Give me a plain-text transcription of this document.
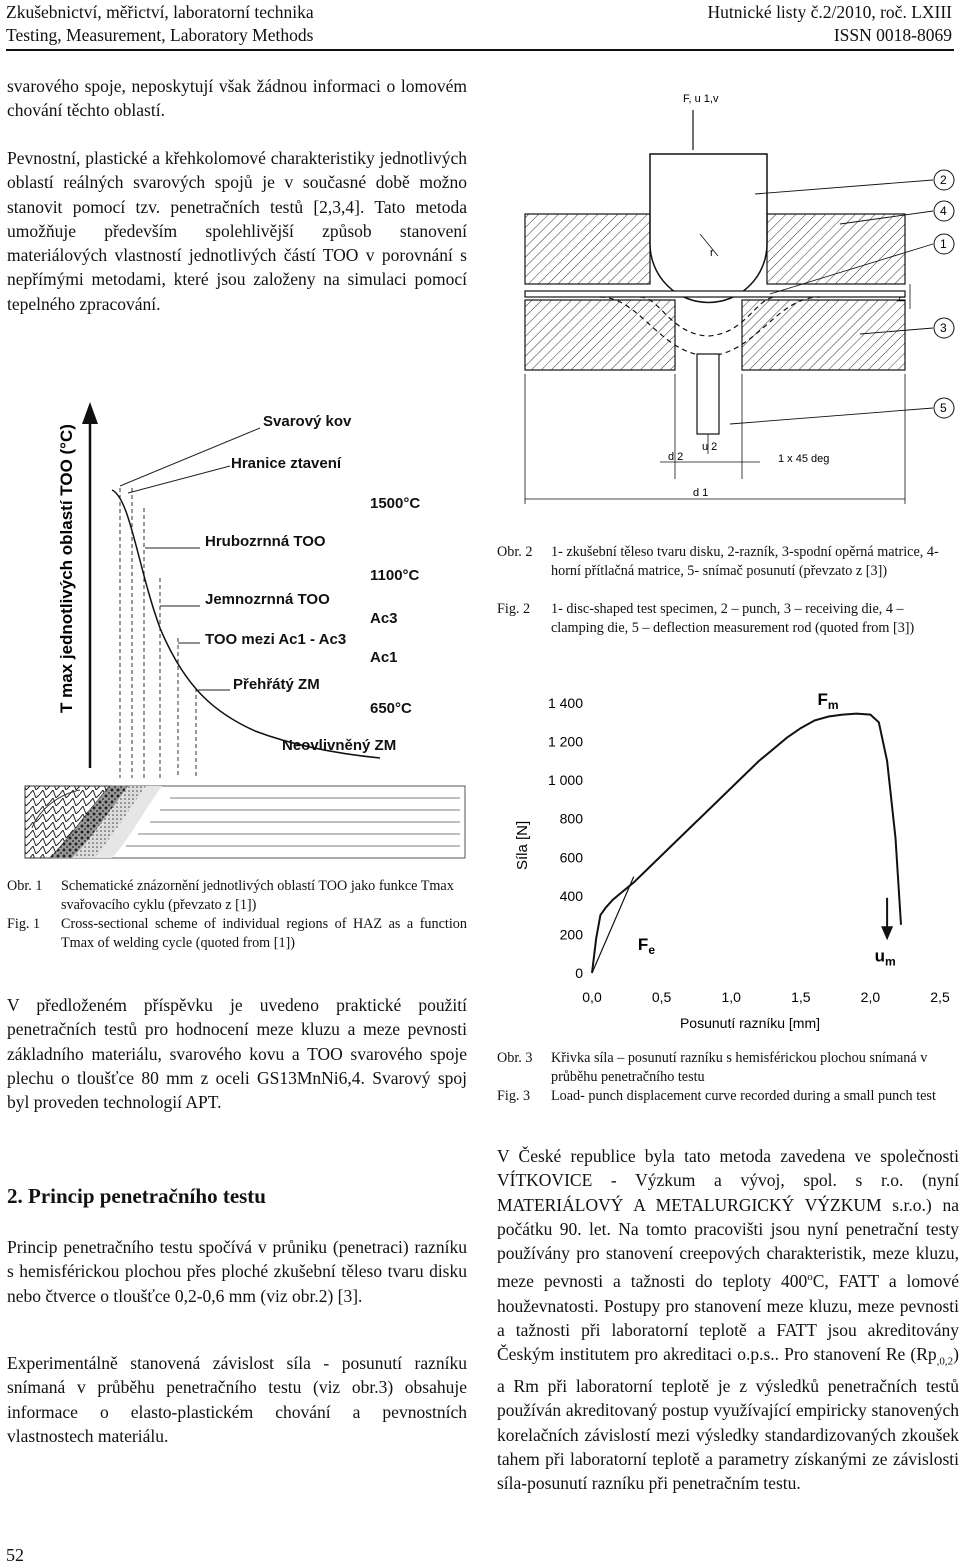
Zkušebnictví, měřictví, laboratorní technika
Testing, Measurement, Laboratory Methods
Hutnické listy č.2/2010, roč. LXIII
ISSN 0018-8069
svarového spoje, neposkytují však žádnou informaci o lomovém chování těchto oblastí.
Pevnostní, plastické a křehkolomové charakteristiky jednotlivých oblastí reálných svarových spojů je v současné době možno stanovit pomocí tzv. penetračních testů [2,3,4]. Tato metoda umožňuje především spolehlivější způsob stanovení materiálových vlastností jednotlivých částí TOO v porovnání s nepřímými metodami, které jsou založeny na simulaci pomocí tepelného zpracování.
T max jednotlivých oblastí TOO (°C)
Svarový kov
Hranice ztavení
Hrubozrnná TOO
Jemnozrnná TOO
TOO mezi Ac1 - Ac3
Přehřátý ZM
Neovlivněný ZM
1500°C
1100°C
Ac3
Ac1
650°C
Obr. 1 Schematické znázornění jednotlivých oblastí TOO jako funkce Tmax svařovacího cyklu (převzato z [1])
Fig. 1 Cross-sectional scheme of individual regions of HAZ as a function Tmax of welding cycle (quoted from [1])
V předloženém příspěvku je uvedeno praktické použití penetračních testů pro hodnocení meze kluzu a meze pevnosti základního materiálu, svarového kovu a TOO svarového spoje plechu o tloušťce 80 mm z oceli GS13MnNi6,4. Svarový spoj byl proveden technologií APT.
2. Princip penetračního testu
Princip penetračního testu spočívá v průniku (penetraci) razníku s hemisférickou plochou přes ploché zkušební těleso tvaru disku nebo čtverce o tloušťce 0,2-0,6 mm (viz obr.2) [3].
Experimentálně stanovená závislost síla - posunutí razníku snímaná v průběhu penetračního testu (viz obr.3) obsahuje informace o elasto-plastickém chování a pevnostních vlastnostech materiálu.
F, u 1,v
r
u 2
d 2
d 1
1 x 45 deg
h
2
4
1
3
5
Obr. 2 1- zkušební těleso tvaru disku, 2-razník, 3-spodní opěrná matrice, 4-horní přítlačná matrice, 5- snímač posunutí (převzato z [3])
Fig. 2 1- disc-shaped test specimen, 2 – punch, 3 – receiving die, 4 – clamping die, 5 – deflection measurement rod (quoted from [3])
Síla [N]
Posunutí razníku [mm]
0
200
400
600
800
1 000
1 200
1 400
0,0	0,5	1,0	1,5	2,0	2,5
$F_m$
$F_e$	$u_m$
Obr. 3 Křivka síla – posunutí razníku s hemisférickou plochou snímaná v průběhu penetračního testu
Fig. 3 Load- punch displacement curve recorded during a small punch test
V České republice byla tato metoda zavedena ve společnosti VÍTKOVICE - Výzkum a vývoj, spol. s r.o. (nyní MATERIÁLOVÝ A METALURGICKÝ VÝZKUM s.r.o.) na počátku 90. let. Na tomto pracovišti jsou nyní penetrační testy používány pro stanovení creepových charakteristik, meze kluzu, meze pevnosti a tažnosti do teploty 400$^o$C, FATT a lomové houževnatosti. Postupy pro stanovení meze kluzu, meze pevnosti a tažnosti při laboratorní teplotě a FATT jsou akreditovány Českým institutem pro akreditaci o.p.s.. Pro stanovení Re $(Rp_{,0,2})$ a Rm při laboratorní teplotě je z výsledků penetračních testů používán akreditovaný postup využívající empiricky stanovených korelačních závislostí mezi výsledky standardizovaných zkoušek tahem při laboratorní teplotě a parametry získanými ze závislosti síla-posunutí razníku při penetračním testu.
52
